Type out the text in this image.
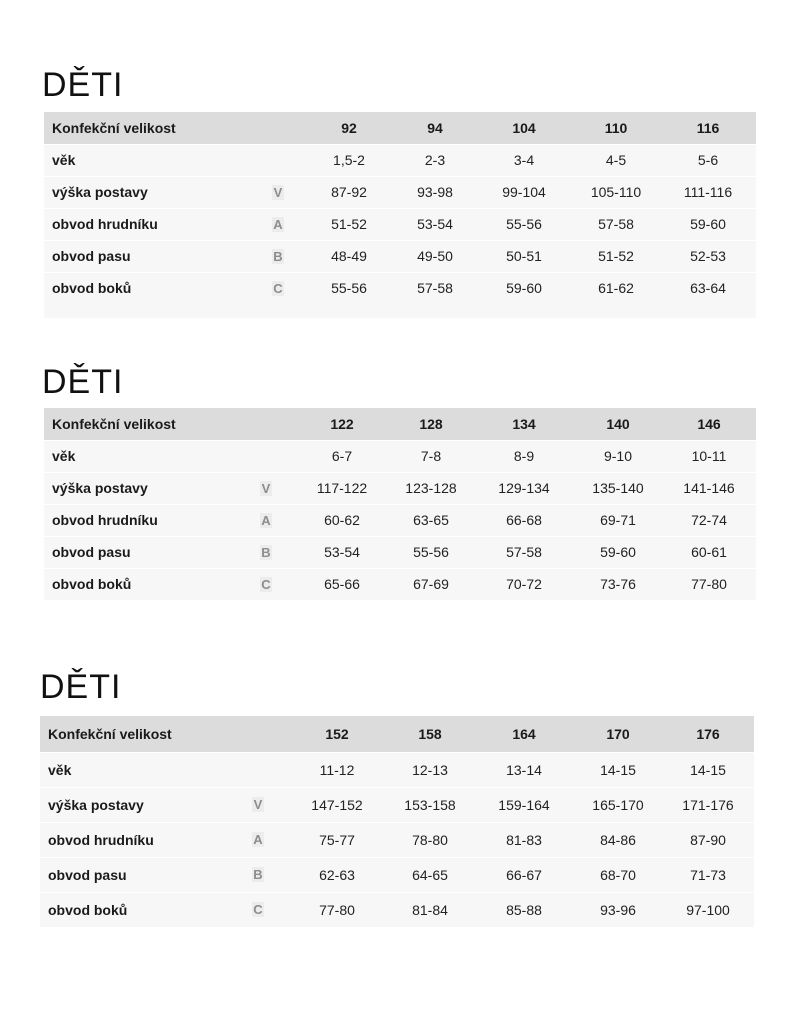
DĚTI
Konfekční velikost		92	94	104	110	116
věk		1,5-2	2-3	3-4	4-5	5-6
výška postavy	V	87-92	93-98	99-104	105-110	111-116
obvod hrudníku	A	51-52	53-54	55-56	57-58	59-60
obvod pasu	B	48-49	49-50	50-51	51-52	52-53
obvod boků	C	55-56	57-58	59-60	61-62	63-64

DĚTI
Konfekční velikost		122	128	134	140	146
věk		6-7	7-8	8-9	9-10	10-11
výška postavy	V	117-122	123-128	129-134	135-140	141-146
obvod hrudníku	A	60-62	63-65	66-68	69-71	72-74
obvod pasu	B	53-54	55-56	57-58	59-60	60-61
obvod boků	C	65-66	67-69	70-72	73-76	77-80
DĚTI
Konfekční velikost		152	158	164	170	176
věk		11-12	12-13	13-14	14-15	14-15
výška postavy	V	147-152	153-158	159-164	165-170	171-176
obvod hrudníku	A	75-77	78-80	81-83	84-86	87-90
obvod pasu	B	62-63	64-65	66-67	68-70	71-73
obvod boků	C	77-80	81-84	85-88	93-96	97-100
